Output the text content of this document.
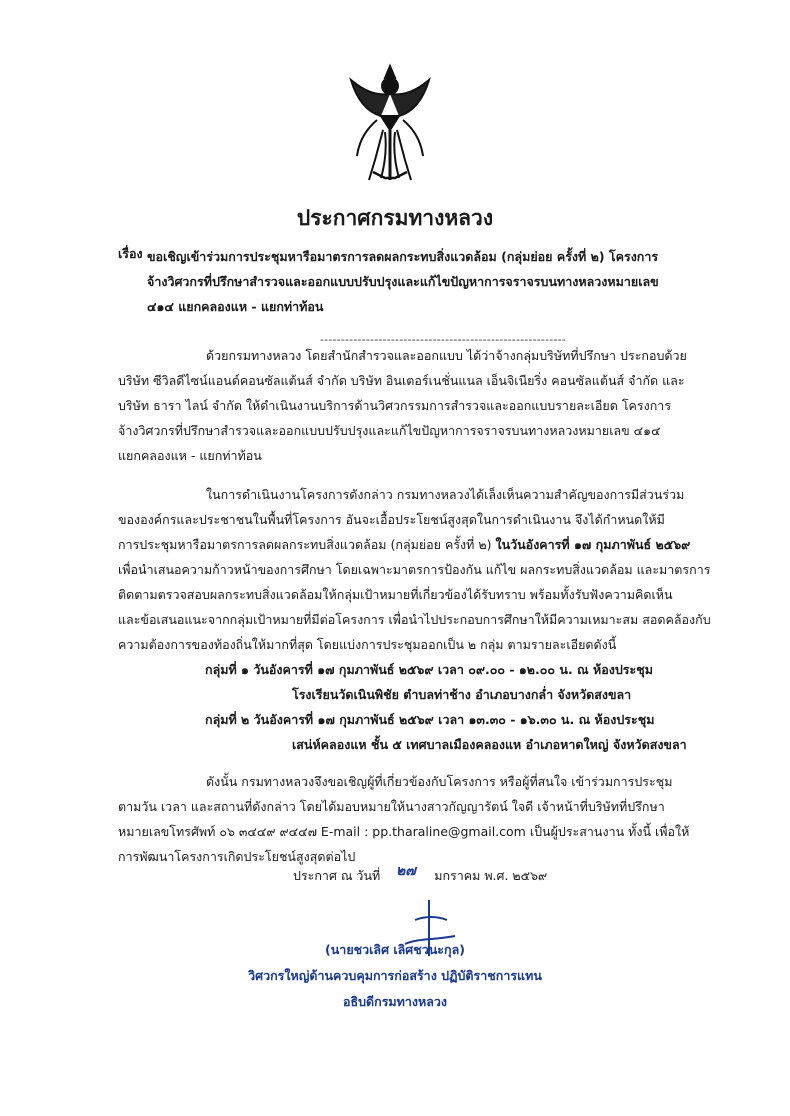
ประกาศกรมทางหลวง
เรื่อง ขอเชิญเข้าร่วมการประชุมหารือมาตรการลดผลกระทบสิ่งแวดล้อม (กลุ่มย่อย ครั้งที่ ๒) โครงการ
จ้างวิศวกรที่ปรึกษาสำรวจและออกแบบปรับปรุงและแก้ไขปัญหาการจราจรบนทางหลวงหมายเลข
๔๑๔ แยกคลองแห - แยกท่าท้อน
-----------------------------------------------------------
ด้วยกรมทางหลวง โดยสำนักสำรวจและออกแบบ ได้ว่าจ้างกลุ่มบริษัทที่ปรึกษา ประกอบด้วย
บริษัท ซีวิลดีไซน์แอนด์คอนซัลแต้นส์ จำกัด บริษัท อินเตอร์เนชั่นแนล เอ็นจิเนียริ่ง คอนซัลแต้นส์ จำกัด และ
บริษัท ธารา ไลน์ จำกัด ให้ดำเนินงานบริการด้านวิศวกรรมการสำรวจและออกแบบรายละเอียด โครงการ
จ้างวิศวกรที่ปรึกษาสำรวจและออกแบบปรับปรุงและแก้ไขปัญหาการจราจรบนทางหลวงหมายเลข ๔๑๔
แยกคลองแห - แยกท่าท้อน
ในการดำเนินงานโครงการดังกล่าว กรมทางหลวงได้เล็งเห็นความสำคัญของการมีส่วนร่วม
ขององค์กรและประชาชนในพื้นที่โครงการ อันจะเอื้อประโยชน์สูงสุดในการดำเนินงาน จึงได้กำหนดให้มี
การประชุมหารือมาตรการลดผลกระทบสิ่งแวดล้อม (กลุ่มย่อย ครั้งที่ ๒) ในวันอังคารที่ ๑๗ กุมภาพันธ์ ๒๕๖๙
เพื่อนำเสนอความก้าวหน้าของการศึกษา โดยเฉพาะมาตรการป้องกัน แก้ไข ผลกระทบสิ่งแวดล้อม และมาตรการ
ติดตามตรวจสอบผลกระทบสิ่งแวดล้อมให้กลุ่มเป้าหมายที่เกี่ยวข้องได้รับทราบ พร้อมทั้งรับฟังความคิดเห็น
และข้อเสนอแนะจากกลุ่มเป้าหมายที่มีต่อโครงการ เพื่อนำไปประกอบการศึกษาให้มีความเหมาะสม สอดคล้องกับ
ความต้องการของท้องถิ่นให้มากที่สุด โดยแบ่งการประชุมออกเป็น ๒ กลุ่ม ตามรายละเอียดดังนี้
กลุ่มที่ ๑ วันอังคารที่ ๑๗ กุมภาพันธ์ ๒๕๖๙ เวลา ๐๙.๐๐ - ๑๒.๐๐ น. ณ ห้องประชุม
โรงเรียนวัดเนินพิชัย ตำบลท่าช้าง อำเภอบางกล่ำ จังหวัดสงขลา
กลุ่มที่ ๒ วันอังคารที่ ๑๗ กุมภาพันธ์ ๒๕๖๙ เวลา ๑๓.๓๐ - ๑๖.๓๐ น. ณ ห้องประชุม
เสน่ห์คลองแห ชั้น ๕ เทศบาลเมืองคลองแห อำเภอหาดใหญ่ จังหวัดสงขลา
ดังนั้น กรมทางหลวงจึงขอเชิญผู้ที่เกี่ยวข้องกับโครงการ หรือผู้ที่สนใจ เข้าร่วมการประชุม
ตามวัน เวลา และสถานที่ดังกล่าว โดยได้มอบหมายให้นางสาวกัญญารัตน์ ใจดี เจ้าหน้าที่บริษัทที่ปรึกษา
หมายเลขโทรศัพท์ ๐๖ ๓๔๔๙ ๙๔๔๗ E-mail : pp.tharaline@gmail.com เป็นผู้ประสานงาน ทั้งนี้ เพื่อให้
การพัฒนาโครงการเกิดประโยชน์สูงสุดต่อไป
ประกาศ ณ วันที่	มกราคม พ.ศ. ๒๕๖๙
๒๗
(นายชวเลิศ เลิศชวนะกุล)
วิศวกรใหญ่ด้านควบคุมการก่อสร้าง ปฏิบัติราชการแทน
อธิบดีกรมทางหลวง
